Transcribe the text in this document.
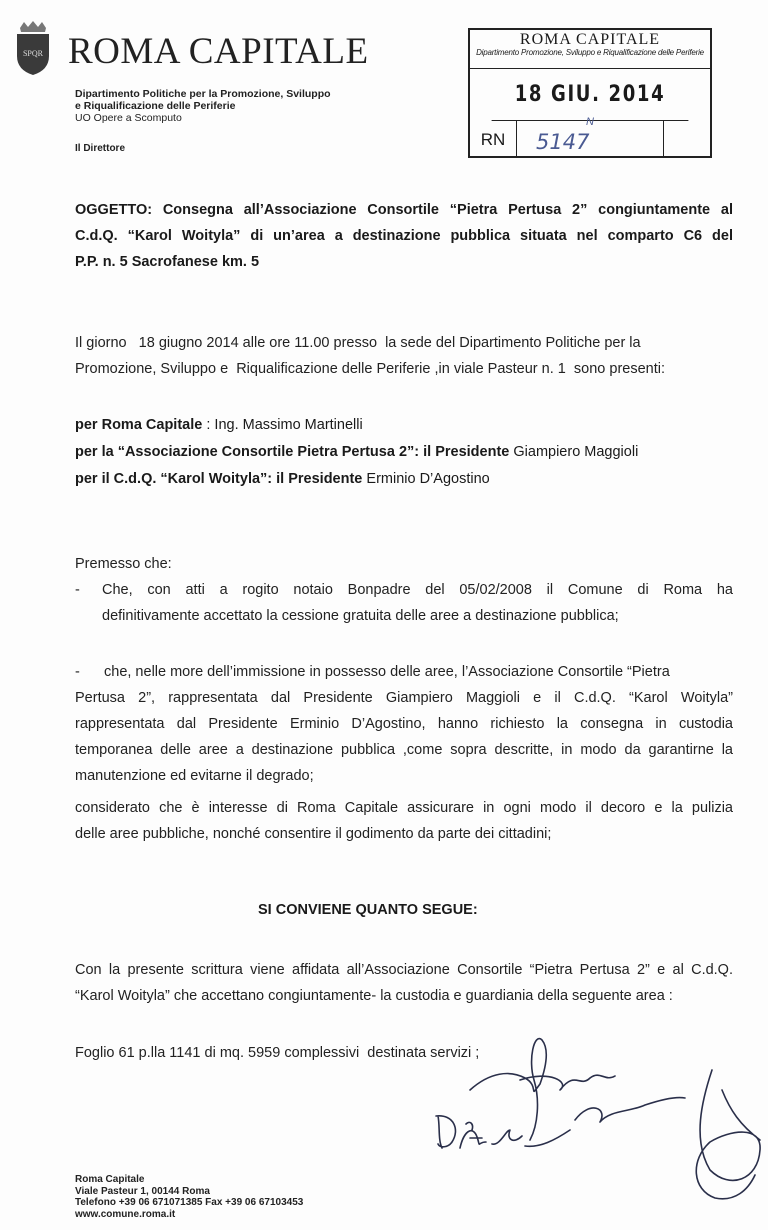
SPQR ROMA CAPITALE
Dipartimento Politiche per la Promozione, Sviluppo
e Riqualificazione delle Periferie
UO Opere a Scomputo
Il Direttore
ROMA CAPITALE
Dipartimento Promozione, Sviluppo e Riqualificazione delle Periferie
18 GIU. 2014
RN	5147
N
OGGETTO: Consegna all’Associazione Consortile “Pietra Pertusa 2” congiuntamente al
C.d.Q. “Karol Woityla” di un’area a destinazione pubblica situata nel comparto C6 del
P.P. n. 5 Sacrofanese km. 5
Il giorno   18 giugno 2014 alle ore 11.00 presso  la sede del Dipartimento Politiche per la
Promozione, Sviluppo e  Riqualificazione delle Periferie ,in viale Pasteur n. 1  sono presenti:
per Roma Capitale : Ing. Massimo Martinelli
per la “Associazione Consortile Pietra Pertusa 2”: il Presidente Giampiero Maggioli
per il C.d.Q. “Karol Woityla”: il Presidente Erminio D’Agostino
Premesso che:
- Che, con atti a rogito notaio Bonpadre del 05/02/2008 il Comune di Roma ha
definitivamente accettato la cessione gratuita delle aree a destinazione pubblica;
-      che, nelle more dell’immissione in possesso delle aree, l’Associazione Consortile “Pietra
Pertusa 2”, rappresentata dal Presidente Giampiero Maggioli e il C.d.Q. “Karol Woityla”
rappresentata dal Presidente Erminio D’Agostino, hanno richiesto la consegna in custodia
temporanea delle aree a destinazione pubblica ,come sopra descritte, in modo da garantirne la
manutenzione ed evitarne il degrado;
considerato che è interesse di Roma Capitale assicurare in ogni modo il decoro e la pulizia
delle aree pubbliche, nonché consentire il godimento da parte dei cittadini;
SI CONVIENE QUANTO SEGUE:
Con la presente scrittura viene affidata all’Associazione Consortile “Pietra Pertusa 2” e al C.d.Q.
“Karol Woityla” che accettano congiuntamente- la custodia e guardiania della seguente area :
Foglio 61 p.lla 1141 di mq. 5959 complessivi  destinata servizi ;
Roma Capitale
Viale Pasteur 1, 00144 Roma
Telefono +39 06 671071385 Fax +39 06 67103453
www.comune.roma.it
